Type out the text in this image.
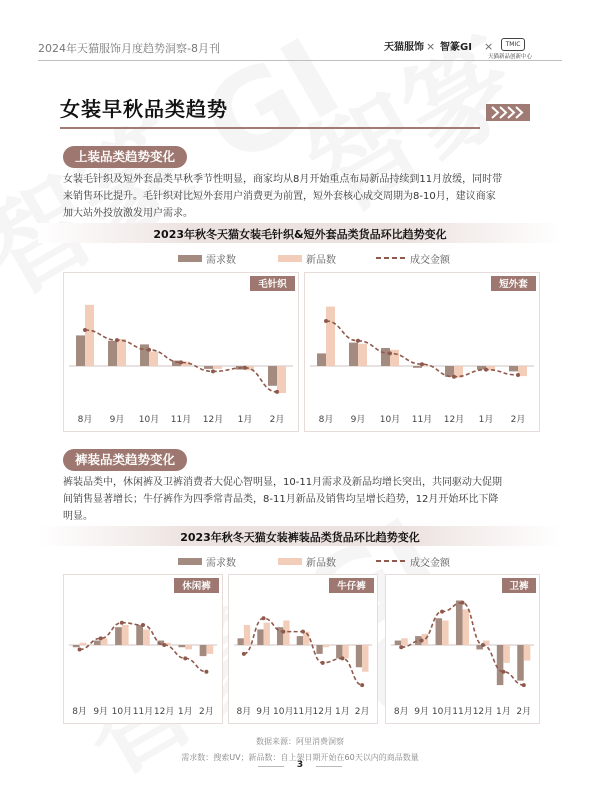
2024年天猫服饰月度趋势洞察-8月刊	天猫服饰 × 智篆GI ×	TMIC
天猫新品创新中心
女装早秋品类趋势
上装品类趋势变化
女装毛针织及短外套品类早秋季节性明显，商家均从8月开始重点布局新品持续到11月放缓，同时带
来销售环比提升。毛针织对比短外套用户消费更为前置，短外套核心成交周期为8-10月，建议商家
加大站外投放激发用户需求。
2023年秋冬天猫女装毛针织&短外套品类货品环比趋势变化
需求数	新品数	成交金额
毛针织
8月 9月 10月 11月 12月 1月 2月
短外套
8月 9月 10月 11月 12月 1月 2月
裤装品类趋势变化
裤装品类中，休闲裤及卫裤消费者大促心智明显，10-11月需求及新品均增长突出，共同驱动大促期
间销售显著增长；牛仔裤作为四季常青品类，8-11月新品及销售均呈增长趋势，12月开始环比下降
明显。
2023年秋冬天猫女装裤装品类货品环比趋势变化
需求数	新品数	成交金额
休闲裤
8月 9月 10月 11月 12月 1月 2月
牛仔裤
8月 9月 10月 11月 12月 1月 2月
卫裤
8月 9月 10月 11月 12月 1月 2月
数据来源：阿里消费洞察
需求数：搜索UV；新品数：自上架日期开始在60天以内的商品数量
3
